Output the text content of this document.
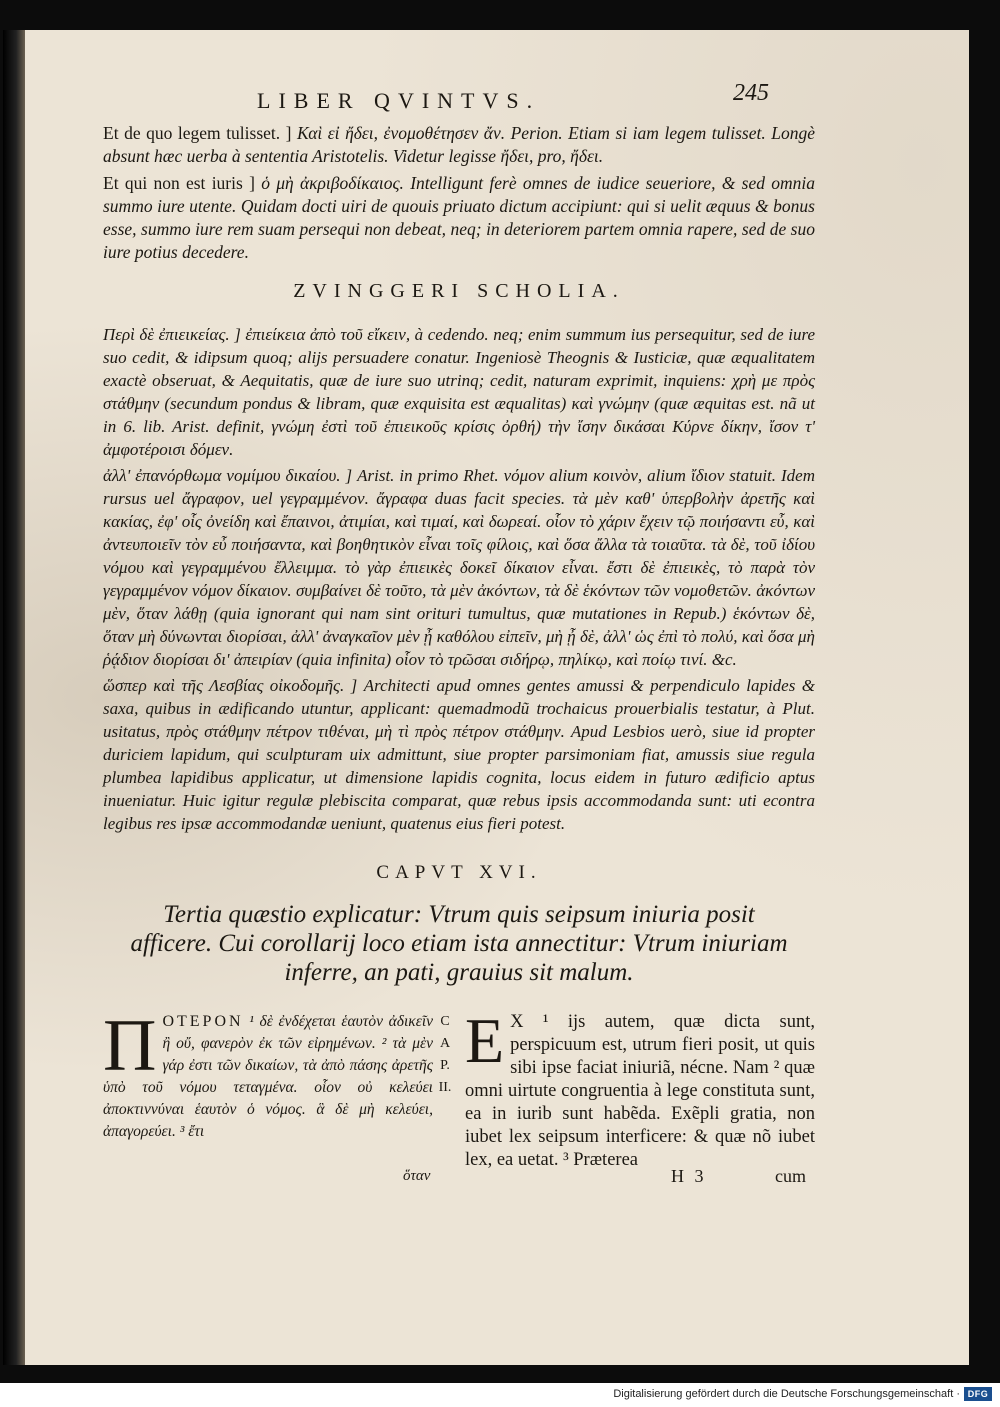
LIBER QVINTVS.	245

Et de quo legem tulisset. ] Καὶ εἰ ἤδει, ἐνομοθέτησεν ἄν. Perion. Etiam si iam legem tulisset. Longè absunt hæc uerba à sententia Aristotelis. Videtur legisse ἤδει, pro, ἤδει.

Et qui non est iuris ] ὁ μὴ ἀκριβοδίκαιος. Intelligunt ferè omnes de iudice seueriore, & sed omnia summo iure utente. Quidam docti uiri de quouis priuato dictum accipiunt: qui si uelit æquus & bonus esse, summo iure rem suam persequi non debeat, neq; in deteriorem partem omnia rapere, sed de suo iure potius decedere.

ZVINGGERI SCHOLIA.

Περὶ δὲ ἐπιεικείας. ] ἐπιείκεια ἀπὸ τοῦ εἴκειν, à cedendo. neq; enim summum ius persequitur, sed de iure suo cedit, & idipsum quoq; alijs persuadere conatur. Ingeniosè Theognis & Iusticiæ, quæ æqualitatem exactè obseruat, & Aequitatis, quæ de iure suo utrinq; cedit, naturam exprimit, inquiens: χρὴ με πρὸς στάθμην (secundum pondus & libram, quæ exquisita est æqualitas) καὶ γνώμην (quæ æquitas est. nã ut in 6. lib. Arist. definit, γνώμη ἐστὶ τοῦ ἐπιεικοῦς κρίσις ὀρθή) τὴν ἴσην δικάσαι Κύρνε δίκην, ἴσον τ' ἀμφοτέροισι δόμεν.

ἀλλ' ἐπανόρθωμα νομίμου δικαίου. ] Arist. in primo Rhet. νόμον alium κοινὸν, alium ἴδιον statuit. Idem rursus uel ἄγραφον, uel γεγραμμένον. ἄγραφα duas facit species. τὰ μὲν καθ' ὑπερβολὴν ἀρετῆς καὶ κακίας, ἐφ' οἷς ὀνείδη καὶ ἔπαινοι, ἀτιμίαι, καὶ τιμαί, καὶ δωρεαί. οἷον τὸ χάριν ἔχειν τῷ ποιήσαντι εὖ, καὶ ἀντευποιεῖν τὸν εὖ ποιήσαντα, καὶ βοηθητικὸν εἶναι τοῖς φίλοις, καὶ ὅσα ἄλλα τὰ τοιαῦτα. τὰ δὲ, τοῦ ἰδίου νόμου καὶ γεγραμμένου ἔλλειμμα. τὸ γὰρ ἐπιεικὲς δοκεῖ δίκαιον εἶναι. ἔστι δὲ ἐπιεικὲς, τὸ παρὰ τὸν γεγραμμένον νόμον δίκαιον. συμβαίνει δὲ τοῦτο, τὰ μὲν ἀκόντων, τὰ δὲ ἑκόντων τῶν νομοθετῶν. ἀκόντων μὲν, ὅταν λάθῃ (quia ignorant qui nam sint orituri tumultus, quæ mutationes in Repub.) ἑκόντων δὲ, ὅταν μὴ δύνωνται διορίσαι, ἀλλ' ἀναγκαῖον μὲν ᾖ καθόλου εἰπεῖν, μὴ ᾖ δὲ, ἀλλ' ὡς ἐπὶ τὸ πολύ, καὶ ὅσα μὴ ῥᾴδιον διορίσαι δι' ἀπειρίαν (quia infinita) οἷον τὸ τρῶσαι σιδήρῳ, πηλίκῳ, καὶ ποίῳ τινί. &c.

ὥσπερ καὶ τῆς Λεσβίας οἰκοδομῆς. ] Architecti apud omnes gentes amussi & perpendiculo lapides & saxa, quibus in ædificando utuntur, applicant: quemadmodũ trochaicus prouerbialis testatur, à Plut. usitatus, πρὸς στάθμην πέτρον τιθέναι, μὴ τὶ πρὸς πέτρον στάθμην. Apud Lesbios uerò, siue id propter duriciem lapidum, qui sculpturam uix admittunt, siue propter parsimoniam fiat, amussis siue regula plumbea lapidibus applicatur, ut dimensione lapidis cognita, locus eidem in futuro ædificio aptus inueniatur. Huic igitur regulæ plebiscita comparat, quæ rebus ipsis accommodanda sunt: uti econtra legibus res ipsæ accommodandæ ueniunt, quatenus eius fieri potest.

CAPVT XVI.
Tertia quæstio explicatur: Vtrum quis seipsum iniuria posit afficere. Cui corollarij loco etiam ista annectitur: Vtrum iniuriam inferre, an pati, grauius sit malum.
Π ΟΤΕΡΟΝ ¹ δὲ ἐνδέχεται ἑαυτὸν ἀδικεῖν ἢ οὔ, φανερὸν ἐκ τῶν εἰρημένων. ² τὰ μὲν γάρ ἐστι τῶν δικαίων, τὰ ἀπὸ πάσης ἀρετῆς ὑπὸ τοῦ νόμου τεταγμένα. οἷον οὐ κελεύει ἀποκτιννύναι ἑαυτὸν ὁ νόμος. ἃ δὲ μὴ κελεύει, ἀπαγορεύει. ³ ἔτι
C
A
P.
II.
E X ¹ ijs autem, quæ dicta sunt, perspicuum est, utrum fieri posit, ut quis sibi ipse faciat iniuriã, nécne. Nam ² quæ omni uirtute congruentia à lege constituta sunt, ea in iurib sunt habẽda. Exẽpli gratia, non iubet lex seipsum interficere: & quæ nõ iubet lex, ea uetat. ³ Præterea
ὅταν	H 3	cum
Digitalisierung gefördert durch die Deutsche Forschungsgemeinschaft · DFG
